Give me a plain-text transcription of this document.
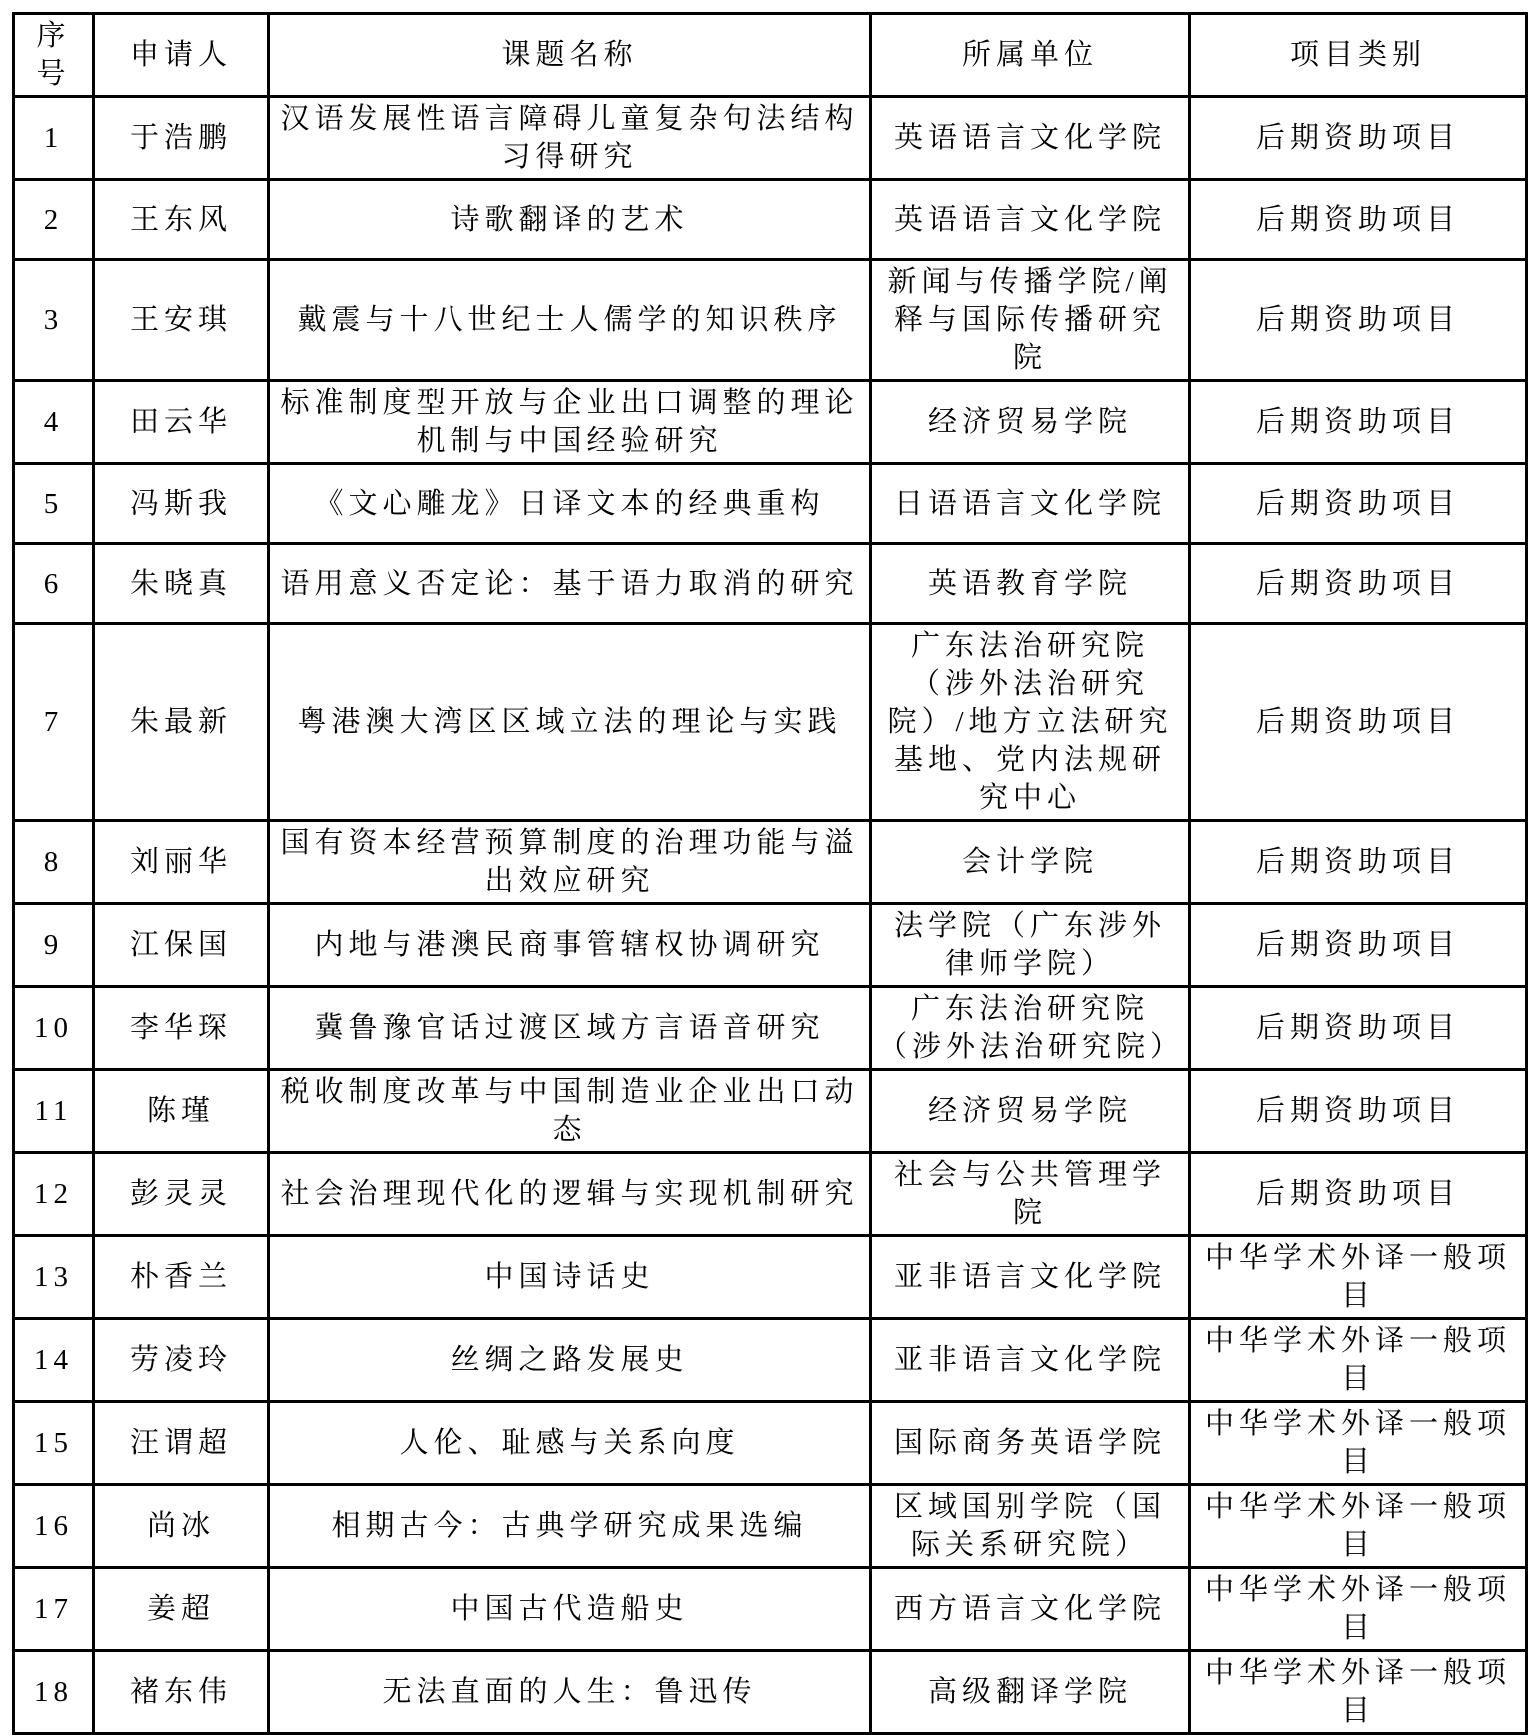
序号	申请人	课题名称	所属单位	项目类别
1	于浩鹏	汉语发展性语言障碍儿童复杂句法结构习得研究	英语语言文化学院	后期资助项目
2	王东风	诗歌翻译的艺术	英语语言文化学院	后期资助项目
3	王安琪	戴震与十八世纪士人儒学的知识秩序	新闻与传播学院/阐释与国际传播研究院	后期资助项目
4	田云华	标准制度型开放与企业出口调整的理论机制与中国经验研究	经济贸易学院	后期资助项目
5	冯斯我	《文心雕龙》日译文本的经典重构	日语语言文化学院	后期资助项目
6	朱晓真	语用意义否定论：基于语力取消的研究	英语教育学院	后期资助项目
7	朱最新	粤港澳大湾区区域立法的理论与实践	广东法治研究院（涉外法治研究院）/地方立法研究基地、党内法规研究中心	后期资助项目
8	刘丽华	国有资本经营预算制度的治理功能与溢出效应研究	会计学院	后期资助项目
9	江保国	内地与港澳民商事管辖权协调研究	法学院（广东涉外律师学院）	后期资助项目
10	李华琛	冀鲁豫官话过渡区域方言语音研究	广东法治研究院（涉外法治研究院）	后期资助项目
11	陈瑾	税收制度改革与中国制造业企业出口动态	经济贸易学院	后期资助项目
12	彭灵灵	社会治理现代化的逻辑与实现机制研究	社会与公共管理学院	后期资助项目
13	朴香兰	中国诗话史	亚非语言文化学院	中华学术外译一般项目
14	劳凌玲	丝绸之路发展史	亚非语言文化学院	中华学术外译一般项目
15	汪谓超	人伦、耻感与关系向度	国际商务英语学院	中华学术外译一般项目
16	尚冰	相期古今：古典学研究成果选编	区域国别学院（国际关系研究院）	中华学术外译一般项目
17	姜超	中国古代造船史	西方语言文化学院	中华学术外译一般项目
18	褚东伟	无法直面的人生：鲁迅传	高级翻译学院	中华学术外译一般项目
